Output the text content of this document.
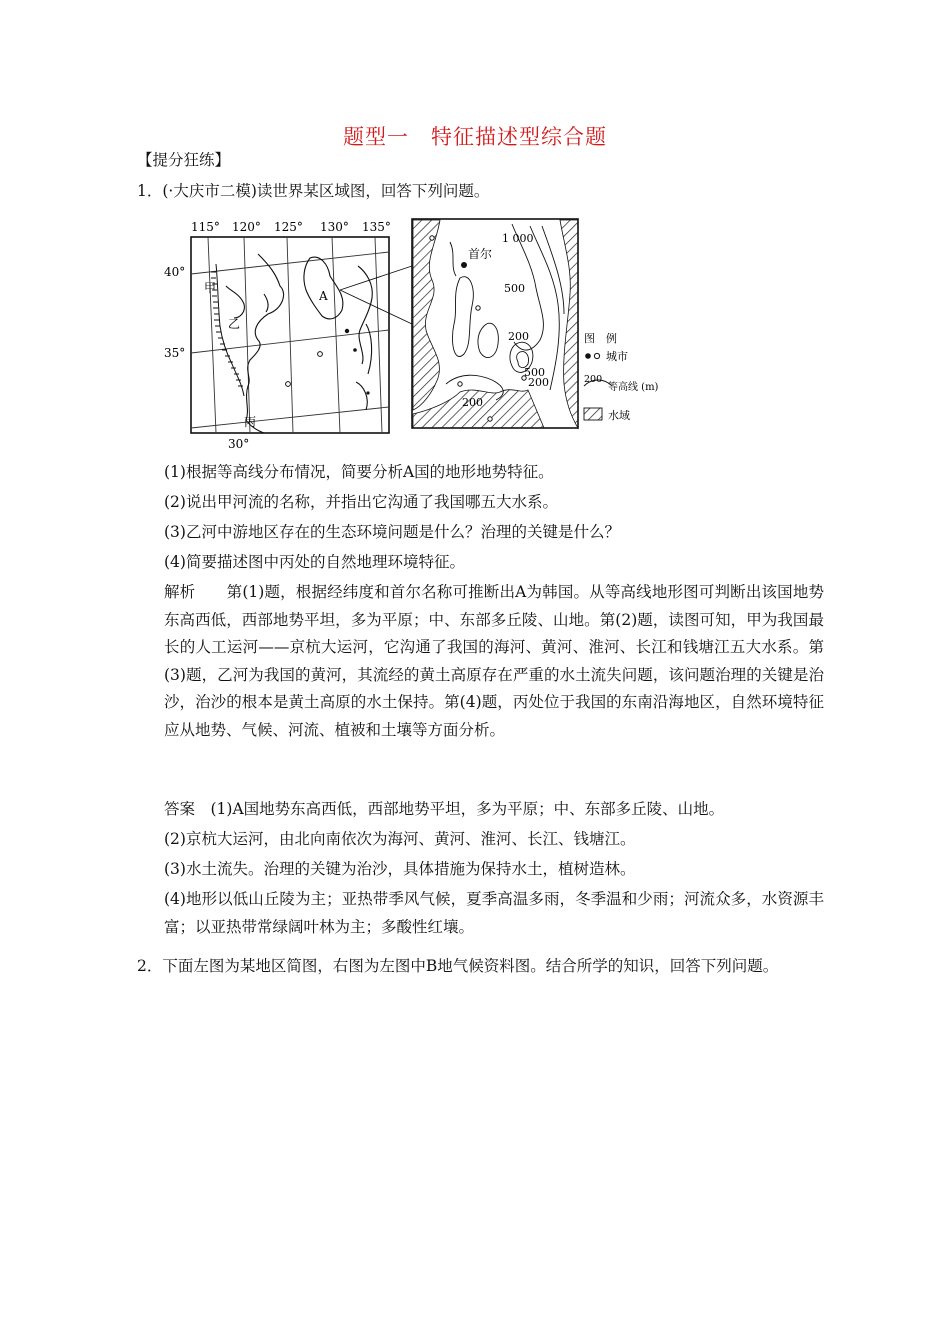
题型一　特征描述型综合题
【提分狂练】
1．(·大庆市二模)读世界某区域图，回答下列问题。
115° 120° 125° 130° 135°
40°
35°
30°
甲
乙
丙
A
首尔
1 000
500
200
500
200
200
图　例
城市
200
等高线 (m)
水域
(1)根据等高线分布情况，简要分析A国的地形地势特征。
(2)说出甲河流的名称，并指出它沟通了我国哪五大水系。
(3)乙河中游地区存在的生态环境问题是什么？治理的关键是什么？
(4)简要描述图中丙处的自然地理环境特征。
解析　　第(1)题，根据经纬度和首尔名称可推断出A为韩国。从等高线地形图可判断出该国地势东高西低，西部地势平坦，多为平原；中、东部多丘陵、山地。第(2)题，读图可知，甲为我国最长的人工运河——京杭大运河，它沟通了我国的海河、黄河、淮河、长江和钱塘江五大水系。第(3)题，乙河为我国的黄河，其流经的黄土高原存在严重的水土流失问题，该问题治理的关键是治沙，治沙的根本是黄土高原的水土保持。第(4)题，丙处位于我国的东南沿海地区，自然环境特征应从地势、气候、河流、植被和土壤等方面分析。
答案　(1)A国地势东高西低，西部地势平坦，多为平原；中、东部多丘陵、山地。
(2)京杭大运河，由北向南依次为海河、黄河、淮河、长江、钱塘江。
(3)水土流失。治理的关键为治沙，具体措施为保持水土，植树造林。
(4)地形以低山丘陵为主；亚热带季风气候，夏季高温多雨，冬季温和少雨；河流众多，水资源丰富；以亚热带常绿阔叶林为主；多酸性红壤。
2．下面左图为某地区简图，右图为左图中B地气候资料图。结合所学的知识，回答下列问题。
